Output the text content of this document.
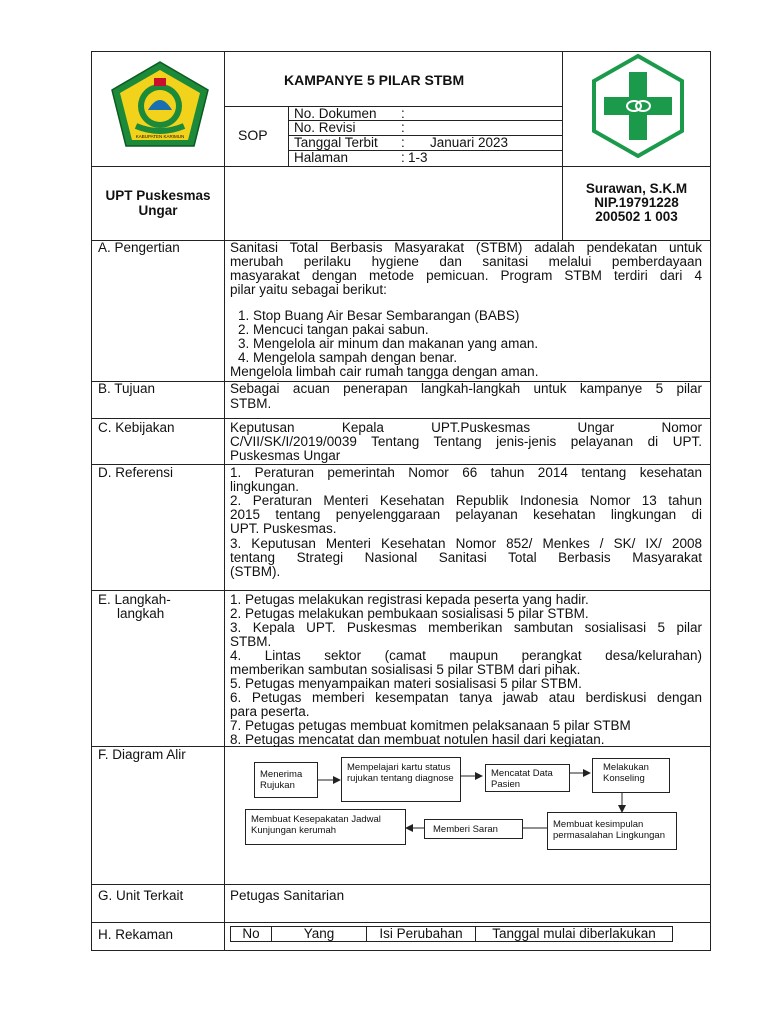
KABUPATEN KARIMUN
KAMPANYE 5 PILAR STBM
SOP
No. Dokumen :
No. Revisi	:
Tanggal Terbit : Januari 2023
Halaman	: 1-3
UPT Puskesmas
Ungar
Surawan, S.K.M
NIP.19791228
200502 1 003
A. Pengertian	Sanitasi Total Berbasis Masyarakat (STBM) adalah pendekatan untuk
merubah perilaku hygiene dan sanitasi melalui pemberdayaan
masyarakat dengan metode pemicuan. Program STBM terdiri dari 4
pilar yaitu sebagai berikut:
1. Stop Buang Air Besar Sembarangan (BABS)
2. Mencuci tangan pakai sabun.
3. Mengelola air minum dan makanan yang aman.
4. Mengelola sampah dengan benar.
Mengelola limbah cair rumah tangga dengan aman.
B. Tujuan	Sebagai acuan penerapan langkah-langkah untuk kampanye 5 pilar
STBM.
C. Kebijakan	Keputusan Kepala UPT.Puskesmas Ungar Nomor
C/VII/SK/I/2019/0039 Tentang Tentang jenis-jenis pelayanan di UPT.
Puskesmas Ungar
D. Referensi	1. Peraturan pemerintah Nomor 66 tahun 2014 tentang kesehatan
lingkungan.
2. Peraturan Menteri Kesehatan Republik Indonesia Nomor 13 tahun
2015 tentang penyelenggaraan pelayanan kesehatan lingkungan di
UPT. Puskesmas.
3. Keputusan Menteri Kesehatan Nomor 852/ Menkes / SK/ IX/ 2008
tentang Strategi Nasional Sanitasi Total Berbasis Masyarakat
(STBM).
E. Langkah-
langkah
1. Petugas melakukan registrasi kepada peserta yang hadir.
2. Petugas melakukan pembukaan sosialisasi 5 pilar STBM.
3. Kepala UPT. Puskesmas memberikan sambutan sosialisasi 5 pilar
STBM.
4. Lintas sektor (camat maupun perangkat desa/kelurahan)
memberikan sambutan sosialisasi 5 pilar STBM dari pihak.
5. Petugas menyampaikan materi sosialisasi 5 pilar STBM.
6. Petugas memberi kesempatan tanya jawab atau berdiskusi dengan
para peserta.
7. Petugas petugas membuat komitmen pelaksanaan 5 pilar STBM
8. Petugas mencatat dan membuat notulen hasil dari kegiatan.
F. Diagram Alir
Menerima Rujukan
Mempelajari kartu status rujukan tentang diagnose	Mencatat Data Pasien
Melakukan Konseling
Membuat kesimpulan permasalahan Lingkungan
Memberi Saran
Membuat Kesepakatan Jadwal Kunjungan kerumah
G. Unit Terkait	Petugas Sanitarian
H. Rekaman	No	Yang	Isi Perubahan	Tanggal mulai diberlakukan
